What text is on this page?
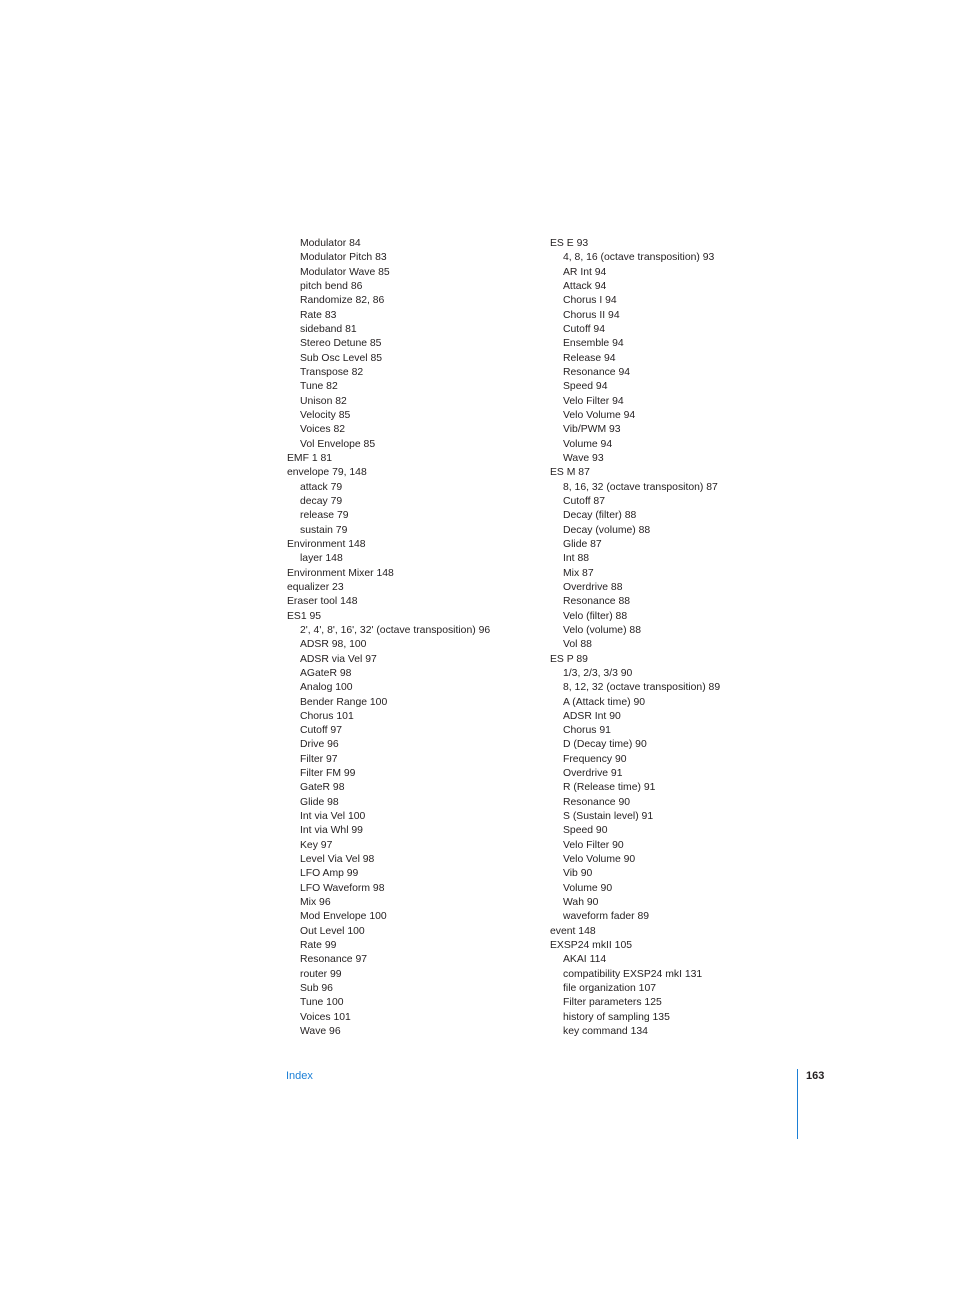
Modulator 84
Modulator Pitch 83
Modulator Wave 85
pitch bend 86
Randomize 82, 86
Rate 83
sideband 81
Stereo Detune 85
Sub Osc Level 85
Transpose 82
Tune 82
Unison 82
Velocity 85
Voices 82
Vol Envelope 85
EMF 1 81
envelope 79, 148
attack 79
decay 79
release 79
sustain 79
Environment 148
layer 148
Environment Mixer 148
equalizer 23
Eraser tool 148
ES1 95
2', 4', 8', 16', 32' (octave transposition) 96
ADSR 98, 100
ADSR via Vel 97
AGateR 98
Analog 100
Bender Range 100
Chorus 101
Cutoff 97
Drive 96
Filter 97
Filter FM 99
GateR 98
Glide 98
Int via Vel 100
Int via Whl 99
Key 97
Level Via Vel 98
LFO Amp 99
LFO Waveform 98
Mix 96
Mod Envelope 100
Out Level 100
Rate 99
Resonance 97
router 99
Sub 96
Tune 100
Voices 101
Wave 96
ES E 93
4, 8, 16 (octave transposition) 93
AR Int 94
Attack 94
Chorus I 94
Chorus II 94
Cutoff 94
Ensemble 94
Release 94
Resonance 94
Speed 94
Velo Filter 94
Velo Volume 94
Vib/PWM 93
Volume 94
Wave 93
ES M 87
8, 16, 32 (octave transpositon) 87
Cutoff 87
Decay (filter) 88
Decay (volume) 88
Glide 87
Int 88
Mix 87
Overdrive 88
Resonance 88
Velo (filter) 88
Velo (volume) 88
Vol 88
ES P 89
1/3, 2/3, 3/3 90
8, 12, 32 (octave transposition) 89
A (Attack time) 90
ADSR Int 90
Chorus 91
D (Decay time) 90
Frequency 90
Overdrive 91
R (Release time) 91
Resonance 90
S (Sustain level) 91
Speed 90
Velo Filter 90
Velo Volume 90
Vib 90
Volume 90
Wah 90
waveform fader 89
event 148
EXSP24 mkII 105
AKAI 114
compatibility EXSP24 mkI 131
file organization 107
Filter parameters 125
history of sampling 135
key command 134
Index	163
